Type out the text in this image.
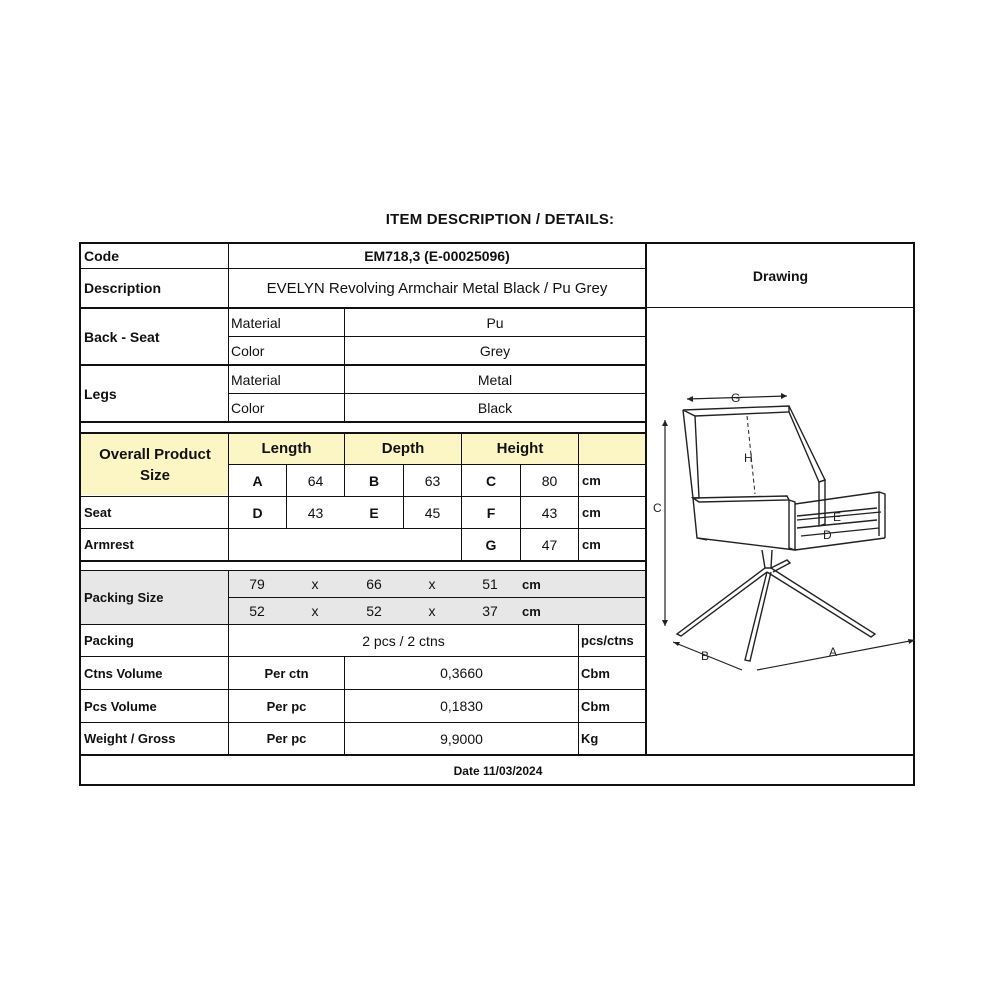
ITEM DESCRIPTION / DETAILS:
Code	EM718,3 (E-00025096)
Description	EVELYN Revolving Armchair Metal Black / Pu Grey
Drawing
Back - Seat
Material	Pu
Color	Grey
Legs
Material	Metal
Color	Black
Overall Product Size
Length	Depth	Height
A	64	B	63	C	80	cm
Seat	D	43	E	45	F	43	cm
Armrest	G	47	cm
Packing Size
79	x	66	x	51	cm
52	x	52	x	37	cm
Packing	2 pcs / 2 ctns	pcs/ctns
Ctns Volume	Per ctn	0,3660	Cbm
Pcs Volume	Per pc	0,1830	Cbm
Weight / Gross	Per pc	9,9000	Kg
Date 11/03/2024
G
H
C
E
D
B	A
